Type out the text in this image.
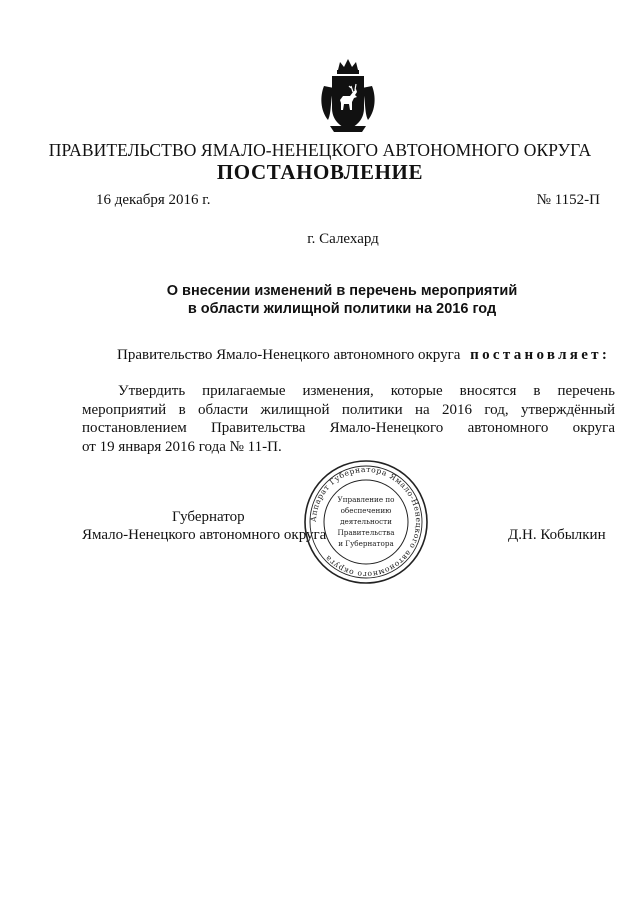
ПРАВИТЕЛЬСТВО ЯМАЛО-НЕНЕЦКОГО АВТОНОМНОГО ОКРУГА
ПОСТАНОВЛЕНИЕ
16 декабря 2016 г.	№ 1152-П
г. Салехард
О внесении изменений в перечень мероприятий
в области жилищной политики на 2016 год
Правительство Ямало-Ненецкого автономного округа постановляет:
Утвердить прилагаемые изменения, которые вносятся в перечень
мероприятий в области жилищной политики на 2016 год, утверждённый
постановлением Правительства Ямало-Ненецкого автономного округа
от 19 января 2016 года № 11-П.
Губернатор
Ямало-Ненецкого автономного округа	Д.Н. Кобылкин
Аппарат Губернатора Ямало-Ненецкого автономного округа
Управление по
обеспечению
деятельности
Правительства
и Губернатора
